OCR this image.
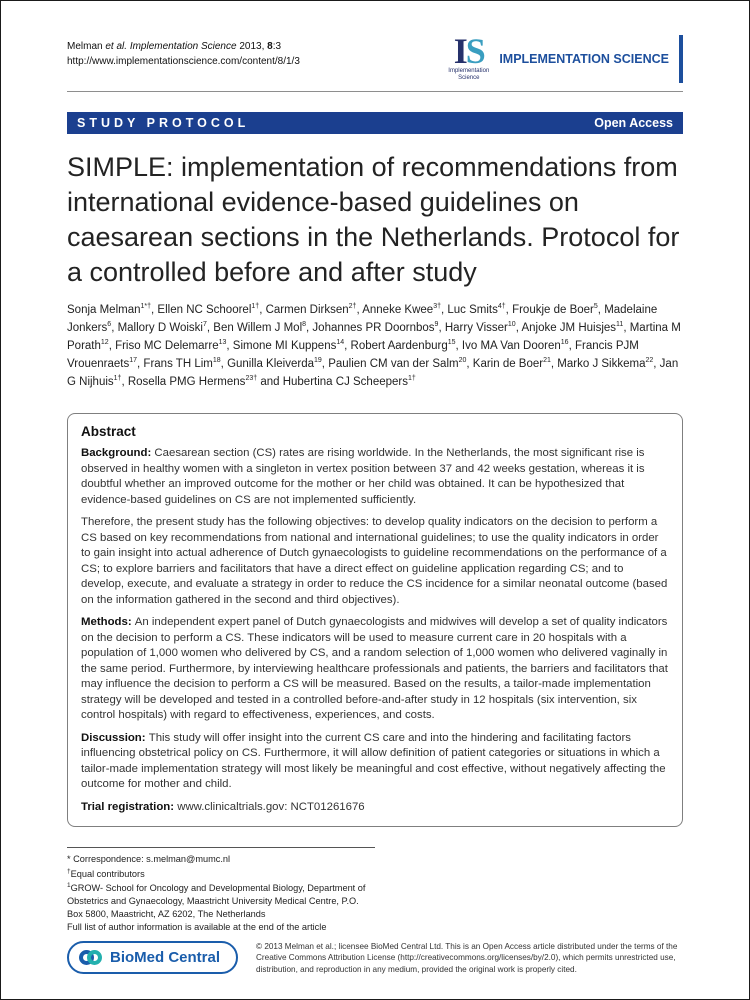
Melman et al. Implementation Science 2013, 8:3
http://www.implementationscience.com/content/8/1/3	IS
Implementation
Science
IMPLEMENTATION SCIENCE
STUDY PROTOCOL	Open Access
SIMPLE: implementation of recommendations from international evidence-based guidelines on caesarean sections in the Netherlands. Protocol for a controlled before and after study
Sonja Melman$^{1*\dagger}$, Ellen NC Schoorel$^{1\dagger}$, Carmen Dirksen$^{2\dagger}$, Anneke Kwee$^{3\dagger}$, Luc Smits$^{4\dagger}$, Froukje de Boer$^5$, Madelaine Jonkers$^6$, Mallory D Woiski$^7$, Ben Willem J Mol$^8$, Johannes PR Doornbos$^9$, Harry Visser$^{10}$, Anjoke JM Huisjes$^{11}$, Martina M Porath$^{12}$, Friso MC Delemarre$^{13}$, Simone MI Kuppens$^{14}$, Robert Aardenburg$^{15}$, Ivo MA Van Dooren$^{16}$, Francis PJM Vrouenraets$^{17}$, Frans TH Lim$^{18}$, Gunilla Kleiverda$^{19}$, Paulien CM van der Salm$^{20}$, Karin de Boer$^{21}$, Marko J Sikkema$^{22}$, Jan G Nijhuis$^{1\dagger}$, Rosella PMG Hermens$^{23\dagger}$ and Hubertina CJ Scheepers$^{1\dagger}$
Abstract

Background: Caesarean section (CS) rates are rising worldwide. In the Netherlands, the most significant rise is observed in healthy women with a singleton in vertex position between 37 and 42 weeks gestation, whereas it is doubtful whether an improved outcome for the mother or her child was obtained. It can be hypothesized that evidence-based guidelines on CS are not implemented sufficiently.

Therefore, the present study has the following objectives: to develop quality indicators on the decision to perform a CS based on key recommendations from national and international guidelines; to use the quality indicators in order to gain insight into actual adherence of Dutch gynaecologists to guideline recommendations on the performance of a CS; to explore barriers and facilitators that have a direct effect on guideline application regarding CS; and to develop, execute, and evaluate a strategy in order to reduce the CS incidence for a similar neonatal outcome (based on the information gathered in the second and third objectives).

Methods: An independent expert panel of Dutch gynaecologists and midwives will develop a set of quality indicators on the decision to perform a CS. These indicators will be used to measure current care in 20 hospitals with a population of 1,000 women who delivered by CS, and a random selection of 1,000 women who delivered vaginally in the same period. Furthermore, by interviewing healthcare professionals and patients, the barriers and facilitators that may influence the decision to perform a CS will be measured. Based on the results, a tailor-made implementation strategy will be developed and tested in a controlled before-and-after study in 12 hospitals (six intervention, six control hospitals) with regard to effectiveness, experiences, and costs.

Discussion: This study will offer insight into the current CS care and into the hindering and facilitating factors influencing obstetrical policy on CS. Furthermore, it will allow definition of patient categories or situations in which a tailor-made implementation strategy will most likely be meaningful and cost effective, without negatively affecting the outcome for mother and child.

Trial registration: www.clinicaltrials.gov: NCT01261676

* Correspondence: s.melman@mumc.nl
†Equal contributors
$^1$GROW- School for Oncology and Developmental Biology, Department of Obstetrics and Gynaecology, Maastricht University Medical Centre, P.O. Box 5800, Maastricht, AZ 6202, The Netherlands
Full list of author information is available at the end of the article
BioMed Central
© 2013 Melman et al.; licensee BioMed Central Ltd. This is an Open Access article distributed under the terms of the Creative Commons Attribution License (http://creativecommons.org/licenses/by/2.0), which permits unrestricted use, distribution, and reproduction in any medium, provided the original work is properly cited.
